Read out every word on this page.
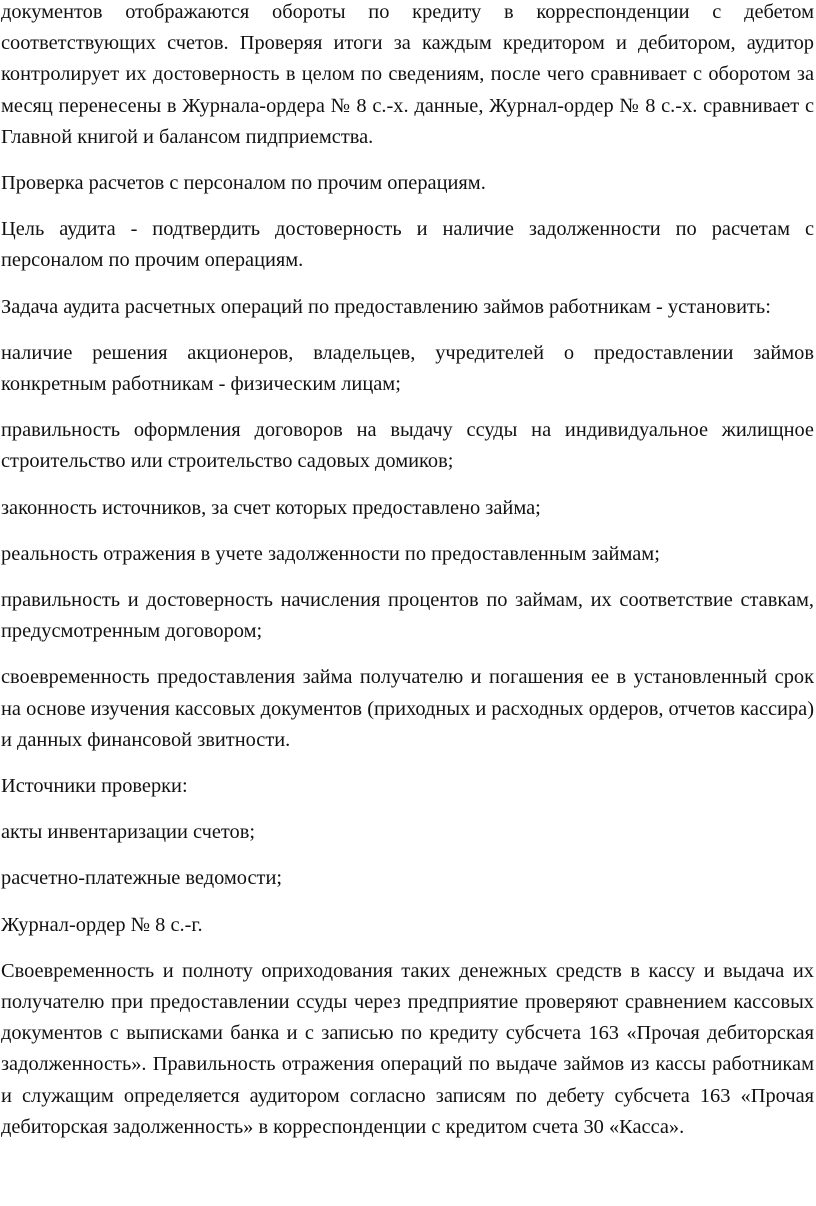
документов отображаются обороты по кредиту в корреспонденции с дебетом соответствующих счетов. Проверяя итоги за каждым кредитором и дебитором, аудитор контролирует их достоверность в целом по сведениям, после чего сравнивает с оборотом за месяц перенесены в Журнала-ордера № 8 с.-х. данные, Журнал-ордер № 8 с.-х. сравнивает с Главной книгой и балансом пидприемства.

Проверка расчетов с персоналом по прочим операциям.

Цель аудита - подтвердить достоверность и наличие задолженности по расчетам с персоналом по прочим операциям.

Задача аудита расчетных операций по предоставлению займов работникам - установить:

наличие решения акционеров, владельцев, учредителей о предоставлении займов конкретным работникам - физическим лицам;

правильность оформления договоров на выдачу ссуды на индивидуальное жилищное строительство или строительство садовых домиков;

законность источников, за счет которых предоставлено займа;

реальность отражения в учете задолженности по предоставленным займам;

правильность и достоверность начисления процентов по займам, их соответствие ставкам, предусмотренным договором;

своевременность предоставления займа получателю и погашения ее в установленный срок на основе изучения кассовых документов (приходных и расходных ордеров, отчетов кассира) и данных финансовой звитности.

Источники проверки:

акты инвентаризации счетов;

расчетно-платежные ведомости;

Журнал-ордер № 8 с.-г.

Своевременность и полноту оприходования таких денежных средств в кассу и выдача их получателю при предоставлении ссуды через предприятие проверяют сравнением кассовых документов с выписками банка и с записью по кредиту субсчета 163 «Прочая дебиторская задолженность». Правильность отражения операций по выдаче займов из кассы работникам и служащим определяется аудитором согласно записям по дебету субсчета 163 «Прочая дебиторская задолженность» в корреспонденции с кредитом счета 30 «Касса».
